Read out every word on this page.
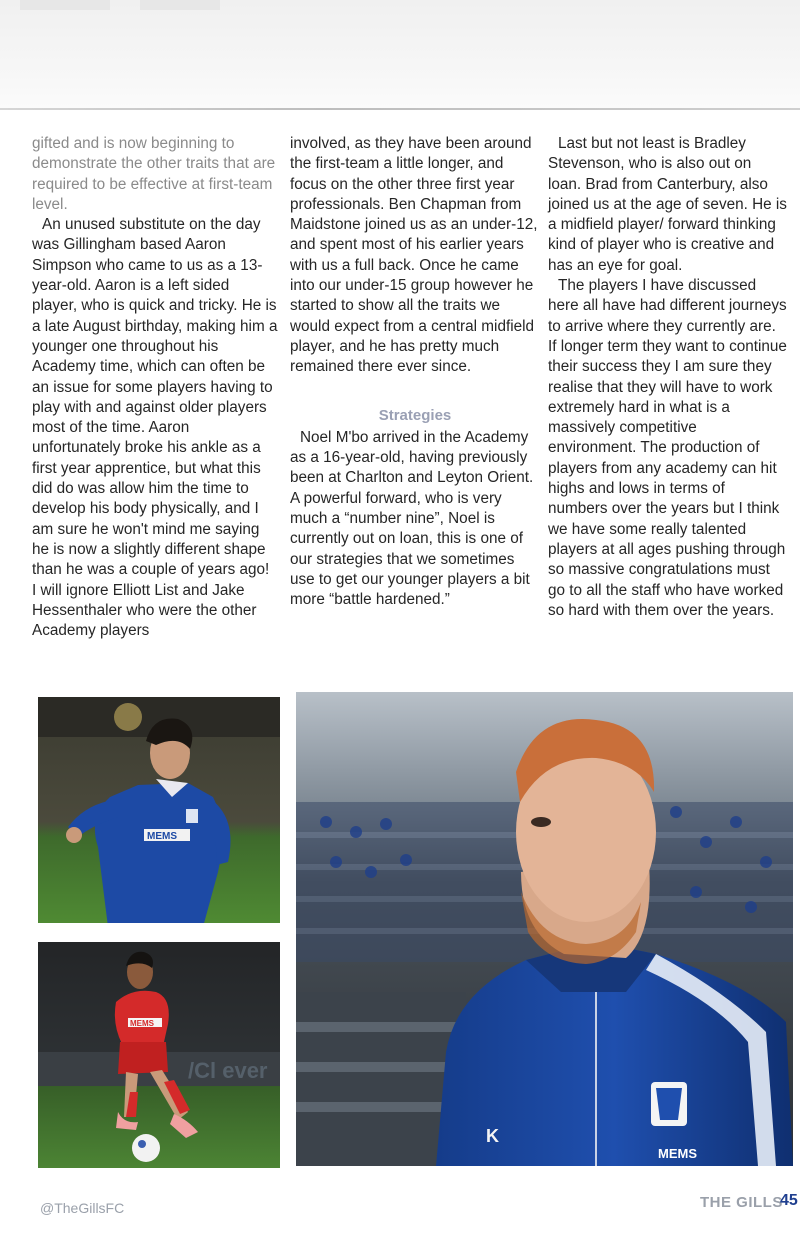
gifted and is now beginning to demonstrate the other traits that are required to be effective at first-team level.

An unused substitute on the day was Gillingham based Aaron Simpson who came to us as a 13-year-old. Aaron is a left sided player, who is quick and tricky. He is a late August birthday, making him a younger one throughout his Academy time, which can often be an issue for some players having to play with and against older players most of the time. Aaron unfortunately broke his ankle as a first year apprentice, but what this did do was allow him the time to develop his body physically, and I am sure he won't mind me saying he is now a slightly different shape than he was a couple of years ago!

I will ignore Elliott List and Jake Hessenthaler who were the other Academy players

involved, as they have been around the first-team a little longer, and focus on the other three first year professionals. Ben Chapman from Maidstone joined us as an under-12, and spent most of his earlier years with us a full back. Once he came into our under-15 group however he started to show all the traits we would expect from a central midfield player, and he has pretty much remained there ever since.

Strategies

Noel M'bo arrived in the Academy as a 16-year-old, having previously been at Charlton and Leyton Orient. A powerful forward, who is very much a “number nine”, Noel is currently out on loan, this is one of our strategies that we sometimes use to get our younger players a bit more “battle hardened.”

Last but not least is Bradley Stevenson, who is also out on loan. Brad from Canterbury, also joined us at the age of seven. He is a midfield player/ forward thinking kind of player who is creative and has an eye for goal.

The players I have discussed here all have had different journeys to arrive where they currently are. If longer term they want to continue their success they I am sure they realise that they will have to work extremely hard in what is a massively competitive environment. The production of players from any academy can hit highs and lows in terms of numbers over the years but I think we have some really talented players at all ages pushing through so massive congratulations must go to all the staff who have worked so hard with them over the years.

MEMS
/Cl ever
MEMS
MEMS
K
@TheGillsFC	THE GILLS
45
